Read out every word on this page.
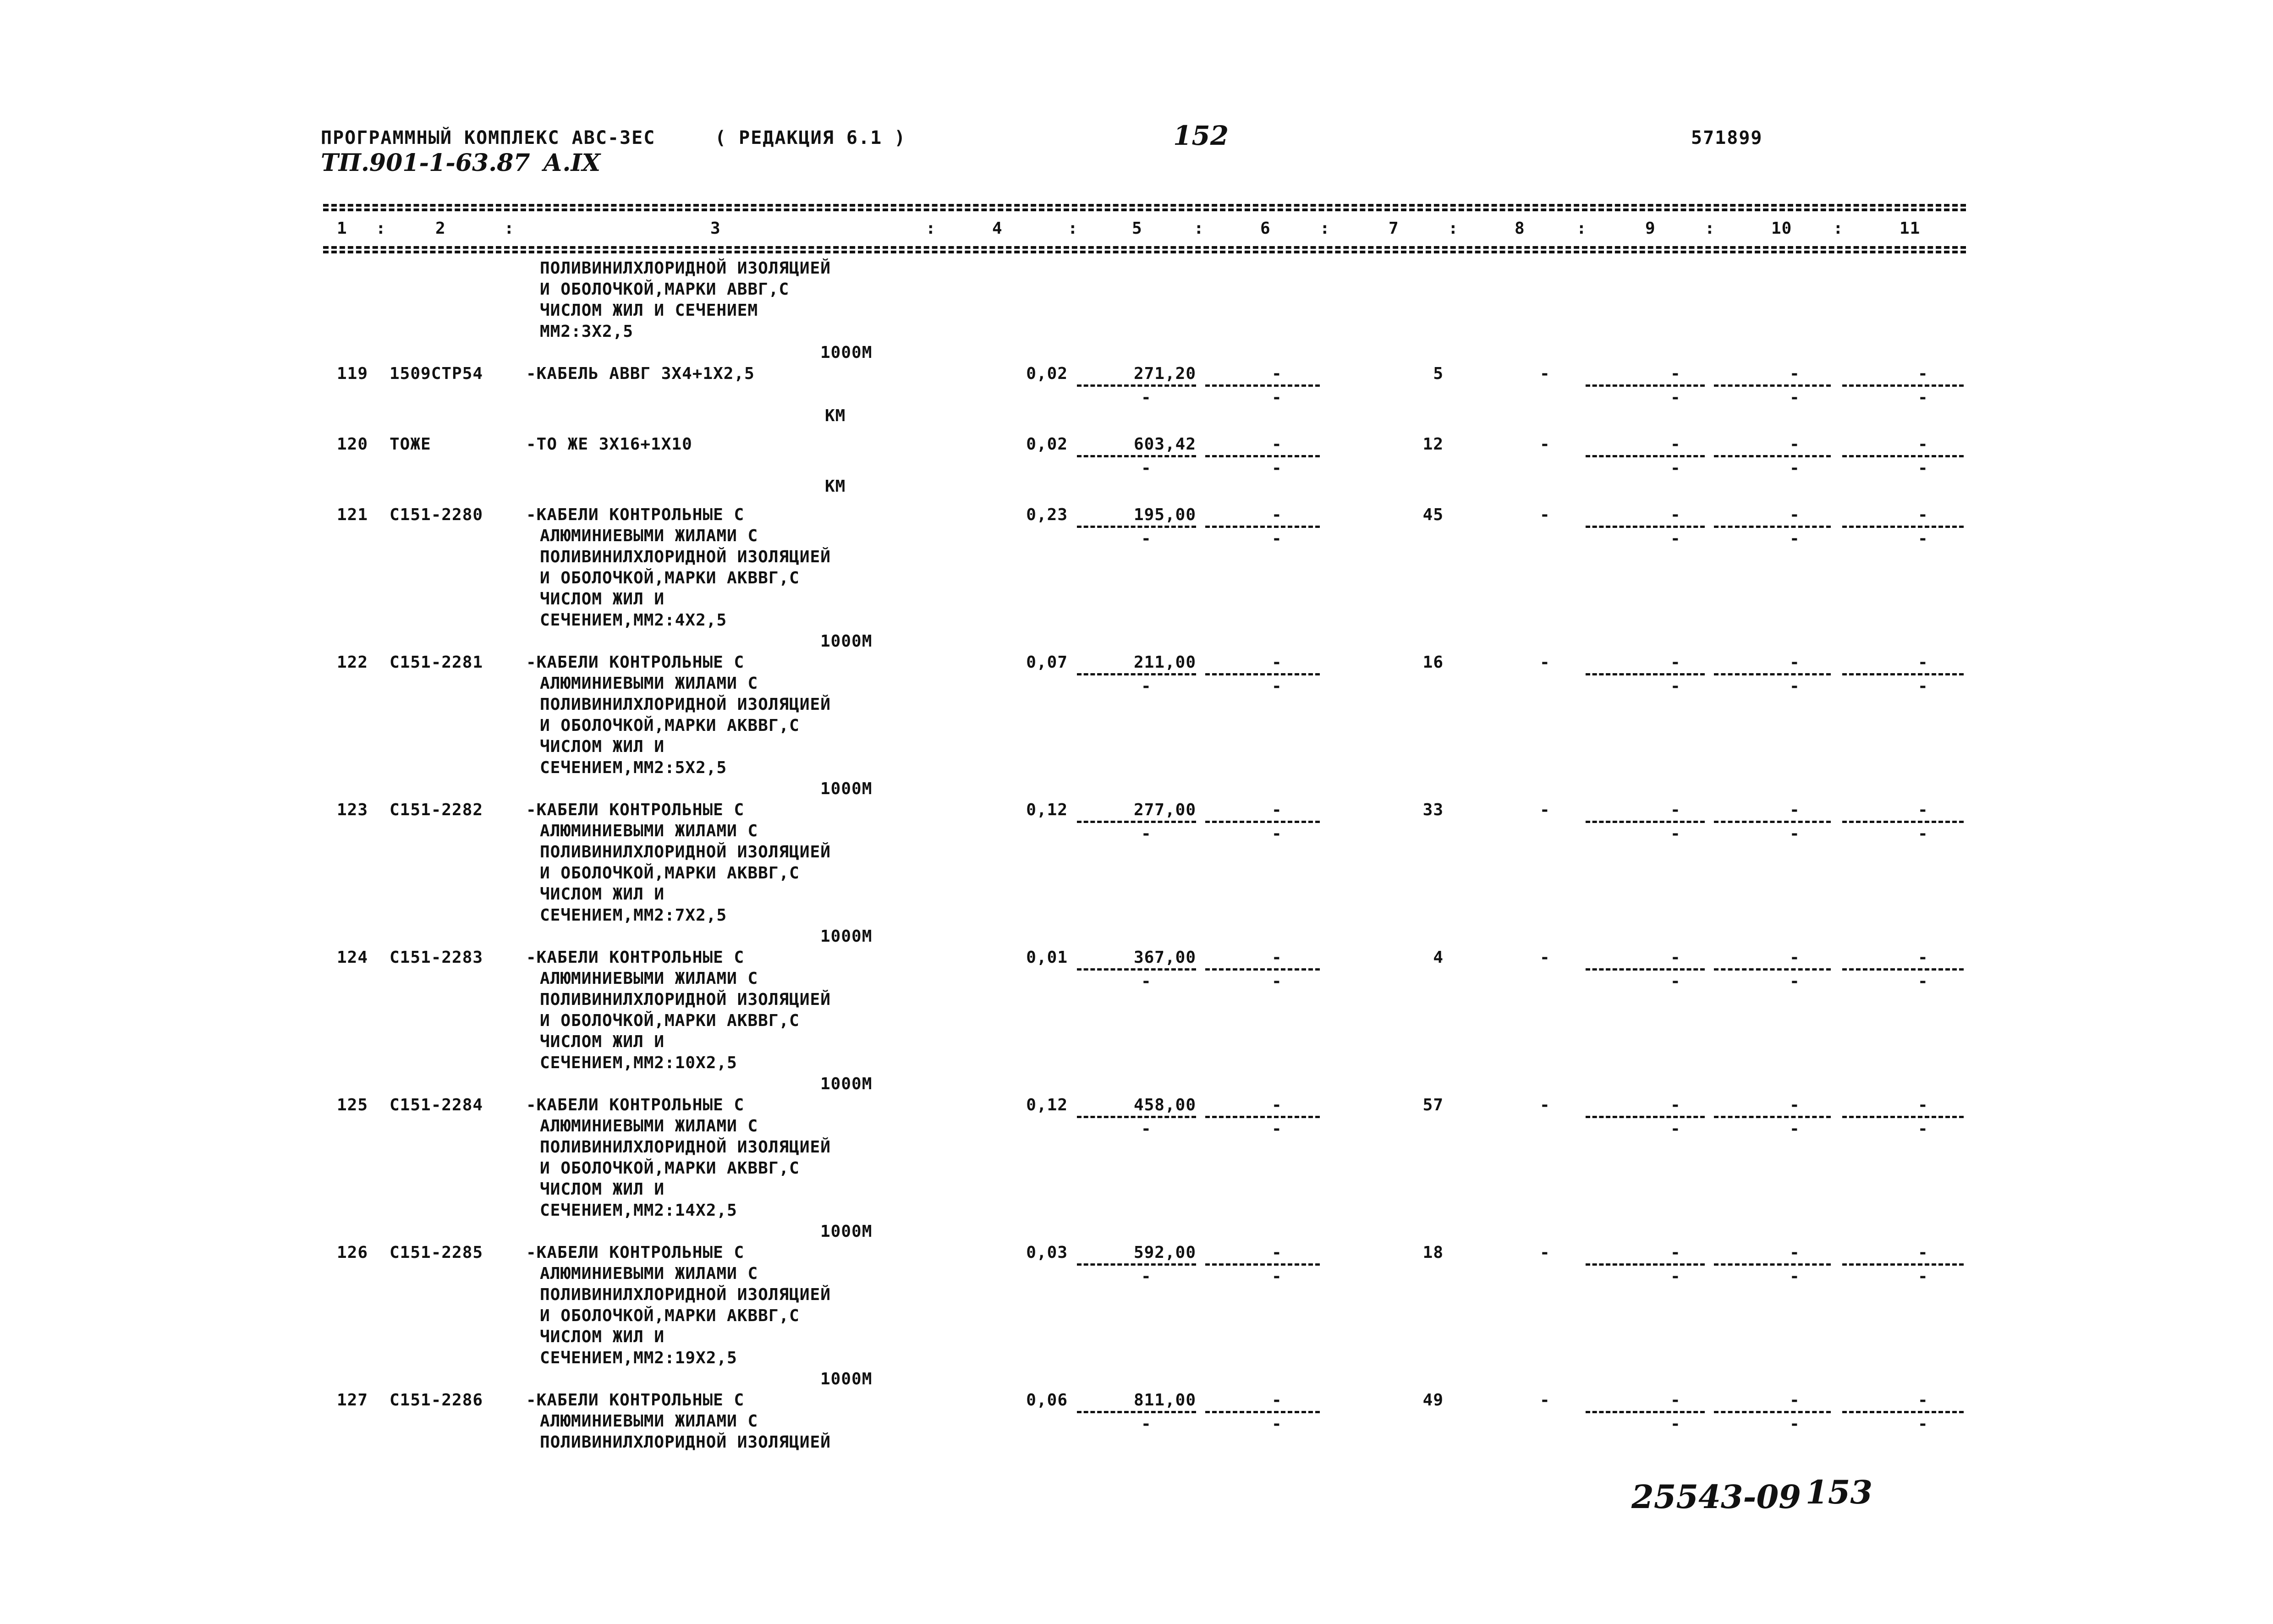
ПРОГРАММНЫЙ КОМПЛЕКС АВС-3ЕС	( РЕДАКЦИЯ 6.1 )	152	571899
ТП.901-1-63.87 А.IX
1	2	3	4	5	6	7	8	9	10	11
:	:	:	:	:	:	:	:	:	:
ПОЛИВИНИЛХЛОРИДНОЙ ИЗОЛЯЦИЕЙ
И ОБОЛОЧКОЙ,МАРКИ АВВГ,С
ЧИСЛОМ ЖИЛ И СЕЧЕНИЕМ
ММ2:3Х2,5
1000М
119 1509СТР54	-КАБЕЛЬ АВВГ 3Х4+1Х2,5	0,02	271,20	-	5	-	-	-	-
-	-	-	-	-
КМ
120 ТОЖЕ	-ТО ЖЕ 3Х16+1Х10	0,02	603,42	-	12	-	-	-	-
-	-	-	-	-
КМ
121 С151-2280	-КАБЕЛИ КОНТРОЛЬНЫЕ С
АЛЮМИНИЕВЫМИ ЖИЛАМИ С
ПОЛИВИНИЛХЛОРИДНОЙ ИЗОЛЯЦИЕЙ
И ОБОЛОЧКОЙ,МАРКИ АКВВГ,С
ЧИСЛОМ ЖИЛ И
СЕЧЕНИЕМ,ММ2:4Х2,5
0,23	195,00	-	45	-	-	-	-
-	-	-	-	-
1000М
122 С151-2281	-КАБЕЛИ КОНТРОЛЬНЫЕ С
АЛЮМИНИЕВЫМИ ЖИЛАМИ С
ПОЛИВИНИЛХЛОРИДНОЙ ИЗОЛЯЦИЕЙ
И ОБОЛОЧКОЙ,МАРКИ АКВВГ,С
ЧИСЛОМ ЖИЛ И
СЕЧЕНИЕМ,ММ2:5Х2,5
0,07	211,00	-	16	-	-	-	-
-	-	-	-	-
1000М
123 С151-2282	-КАБЕЛИ КОНТРОЛЬНЫЕ С
АЛЮМИНИЕВЫМИ ЖИЛАМИ С
ПОЛИВИНИЛХЛОРИДНОЙ ИЗОЛЯЦИЕЙ
И ОБОЛОЧКОЙ,МАРКИ АКВВГ,С
ЧИСЛОМ ЖИЛ И
СЕЧЕНИЕМ,ММ2:7Х2,5
0,12	277,00	-	33	-	-	-	-
-	-	-	-	-
1000М
124 С151-2283	-КАБЕЛИ КОНТРОЛЬНЫЕ С
АЛЮМИНИЕВЫМИ ЖИЛАМИ С
ПОЛИВИНИЛХЛОРИДНОЙ ИЗОЛЯЦИЕЙ
И ОБОЛОЧКОЙ,МАРКИ АКВВГ,С
ЧИСЛОМ ЖИЛ И
СЕЧЕНИЕМ,ММ2:10Х2,5
0,01	367,00	-	4	-	-	-	-
-	-	-	-	-
1000М
125 С151-2284	-КАБЕЛИ КОНТРОЛЬНЫЕ С
АЛЮМИНИЕВЫМИ ЖИЛАМИ С
ПОЛИВИНИЛХЛОРИДНОЙ ИЗОЛЯЦИЕЙ
И ОБОЛОЧКОЙ,МАРКИ АКВВГ,С
ЧИСЛОМ ЖИЛ И
СЕЧЕНИЕМ,ММ2:14Х2,5
0,12	458,00	-	57	-	-	-	-
-	-	-	-	-
1000М
126 С151-2285	-КАБЕЛИ КОНТРОЛЬНЫЕ С
АЛЮМИНИЕВЫМИ ЖИЛАМИ С
ПОЛИВИНИЛХЛОРИДНОЙ ИЗОЛЯЦИЕЙ
И ОБОЛОЧКОЙ,МАРКИ АКВВГ,С
ЧИСЛОМ ЖИЛ И
СЕЧЕНИЕМ,ММ2:19Х2,5
0,03	592,00	-	18	-	-	-	-
-	-	-	-	-
1000М
127 С151-2286	-КАБЕЛИ КОНТРОЛЬНЫЕ С
АЛЮМИНИЕВЫМИ ЖИЛАМИ С
ПОЛИВИНИЛХЛОРИДНОЙ ИЗОЛЯЦИЕЙ
0,06	811,00	-	49	-	-	-	-
-	-	-	-	-
25543-09 153
